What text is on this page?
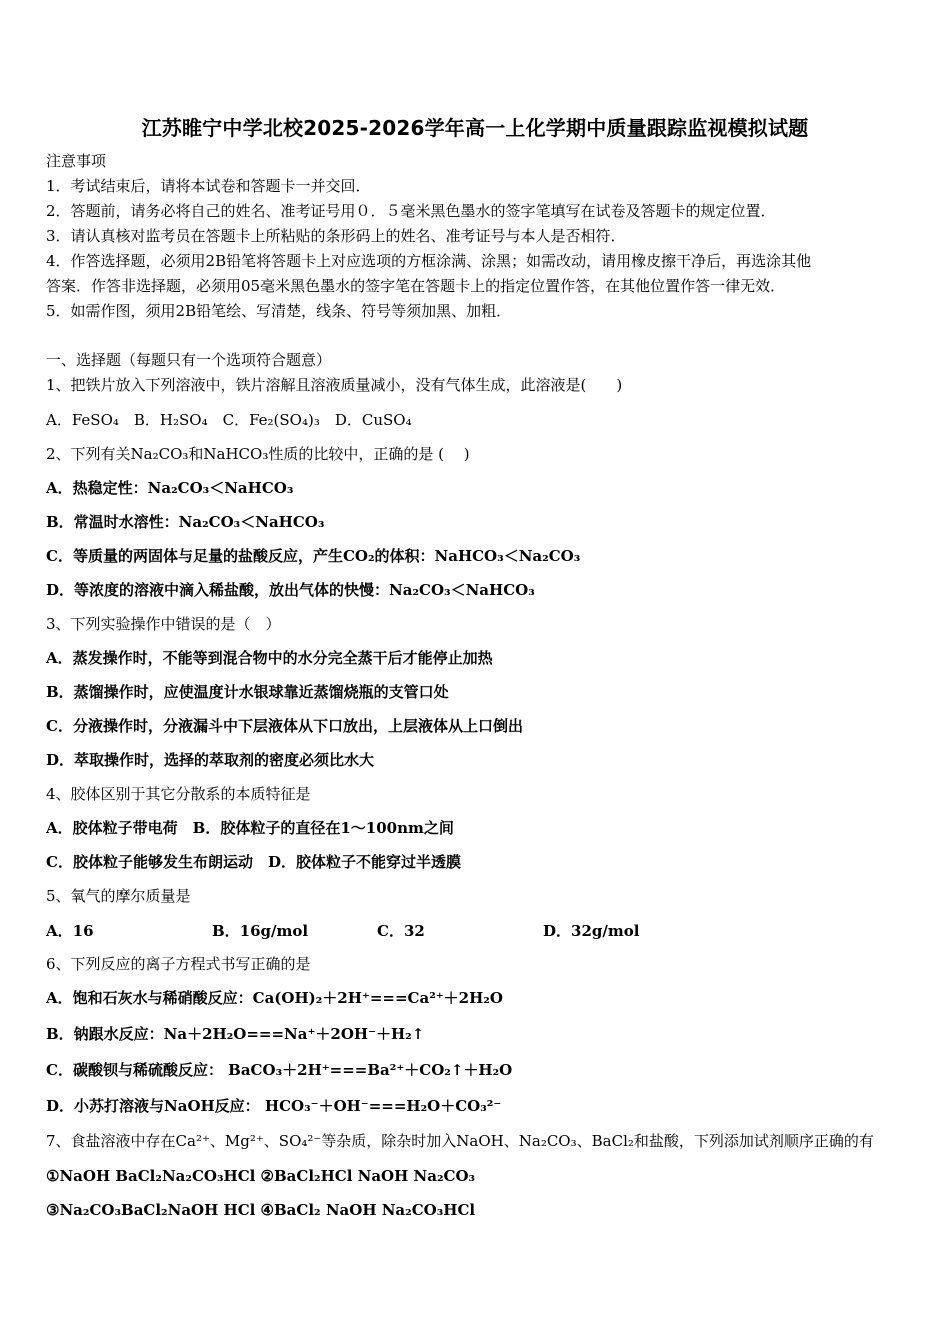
江苏睢宁中学北校2025-2026学年高一上化学期中质量跟踪监视模拟试题
注意事项
1．考试结束后，请将本试卷和答题卡一并交回．
2．答题前，请务必将自己的姓名、准考证号用０．５毫米黑色墨水的签字笔填写在试卷及答题卡的规定位置．
3．请认真核对监考员在答题卡上所粘贴的条形码上的姓名、准考证号与本人是否相符．
4．作答选择题，必须用2B铅笔将答题卡上对应选项的方框涂满、涂黑；如需改动，请用橡皮擦干净后，再选涂其他
答案．作答非选择题，必须用05毫米黑色墨水的签字笔在答题卡上的指定位置作答，在其他位置作答一律无效．
5．如需作图，须用2B铅笔绘、写清楚，线条、符号等须加黑、加粗．
一、选择题（每题只有一个选项符合题意）
1、把铁片放入下列溶液中，铁片溶解且溶液质量减小，没有气体生成，此溶液是(　　)
A．FeSO₄　B．H₂SO₄　C．Fe₂(SO₄)₃　D．CuSO₄
2、下列有关Na₂CO₃和NaHCO₃性质的比较中，正确的是 (　 )
A．热稳定性：Na₂CO₃＜NaHCO₃
B．常温时水溶性：Na₂CO₃＜NaHCO₃
C．等质量的两固体与足量的盐酸反应，产生CO₂的体积：NaHCO₃＜Na₂CO₃
D．等浓度的溶液中滴入稀盐酸，放出气体的快慢：Na₂CO₃＜NaHCO₃
3、下列实验操作中错误的是（　）
A．蒸发操作时，不能等到混合物中的水分完全蒸干后才能停止加热
B．蒸馏操作时，应使温度计水银球靠近蒸馏烧瓶的支管口处
C．分液操作时，分液漏斗中下层液体从下口放出，上层液体从上口倒出
D．萃取操作时，选择的萃取剂的密度必须比水大
4、胶体区别于其它分散系的本质特征是
A．胶体粒子带电荷　B．胶体粒子的直径在1～100nm之间
C．胶体粒子能够发生布朗运动　D．胶体粒子不能穿过半透膜
5、氧气的摩尔质量是
A．16	B．16g/mol	C．32	D．32g/mol
6、下列反应的离子方程式书写正确的是
A．饱和石灰水与稀硝酸反应：Ca(OH)₂＋2H⁺===Ca²⁺＋2H₂O
B．钠跟水反应：Na＋2H₂O===Na⁺＋2OH⁻＋H₂↑
C．碳酸钡与稀硫酸反应： BaCO₃＋2H⁺===Ba²⁺＋CO₂↑＋H₂O
D．小苏打溶液与NaOH反应： HCO₃⁻＋OH⁻===H₂O＋CO₃²⁻
7、食盐溶液中存在Ca²⁺、Mg²⁺、SO₄²⁻等杂质，除杂时加入NaOH、Na₂CO₃、BaCl₂和盐酸，下列添加试剂顺序正确的有
①NaOH BaCl₂Na₂CO₃HCl ②BaCl₂HCl NaOH Na₂CO₃
③Na₂CO₃BaCl₂NaOH HCl ④BaCl₂ NaOH Na₂CO₃HCl
